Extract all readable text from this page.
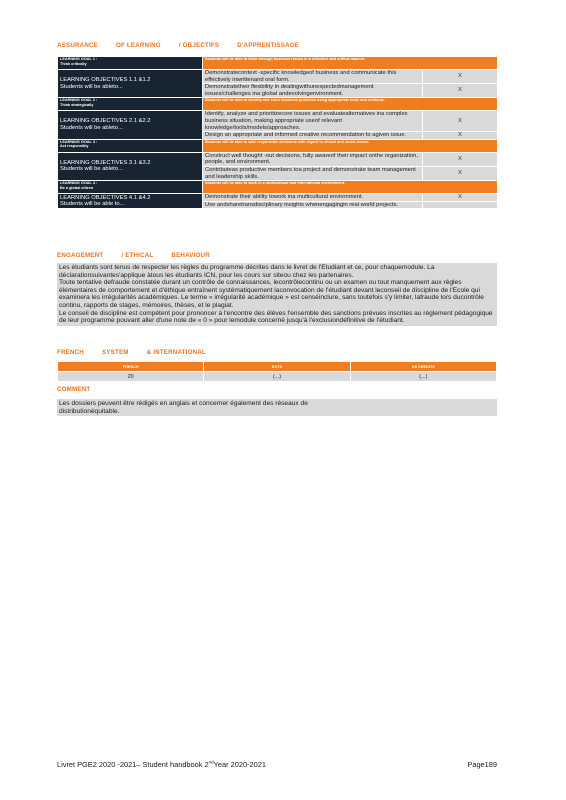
ASSURANCE	OF LEARNING	/ OBJECTIFS	D'APPRENTISSAGE
LEARNING GOAL 1 :
Think critically	Students will be able to think through business issues in a reflective and critical manner.	
LEARNING OBJECTIVES 1.1 &1.2
Students will be ableto...	Demonstratecontext -specific knowledgeof business and communicate this effectively inwrittenand oral form.	X
	Demonstratetheir flexibility in dealingwithunexpectedmanagement issues/challenges ina global andevolvingenvironment.	X
LEARNING GOAL 2 :
Think strategically	Students will be able to identify and solve business problems using appropriate tools and methods.	
LEARNING OBJECTIVES 2.1 &2.2
Students will be ableto...	Identify, analyze and prioritizecore issues and evaluatealternatives ina complex business situation, making appropriate useof relevant knowledge/tools/models/approaches.	X
	Design an appropriate and informed creative recommendation to agiven issue.	X
LEARNING GOAL 3 :
Act responsibly	Students will be able to take responsible decisions with regard to ethical and social issues.	
LEARNING OBJECTIVES 3.1 &3.2
Students will be ableto...	Construct well thought -out decisions, fully awareof their impact onthe organization, people, and environment.	X
	Contributeas productive members toa project and demonstrate team management and leadership skills.	X
LEARNING GOAL 4 :
Be a global citizen	Students will be able to work in a multicultural and international environment.	
LEARNING OBJECTIVES 4.1 &4.2
Students will be able to...	Demonstrate their ability towork ina multicultural environment.	X
	Use andsharetransdisciplinary insights whenengagingin real world projects.	
ENGAGEMENT	/ ETHICAL	BEHAVIOUR

Les étudiants sont tenus de respecter les règles du programme décrites dans le livret de l'Etudiant et ce, pour chaquemodule. La déclarationsuivantes'applique àtous les étudiants ICN, pour les cours sur siteou chez les partenaires.

Toute tentative defraude constatée durant un contrôle de connaissances, lecontrôlecontinu ou un examen ou tout manquement aux règles élémentaires de comportement et d'éthique entraînent systématiquement laconvocation de l'étudiant devant leconseil de discipline de l'Ecole qui examinera les irrégularités académiques. Le terme « irrégularité académique » est censéinclure, sans toutefois s'y limiter, lafraude lors ducontrôle continu, rapports de stages, mémoires, thèses, et le plagiat.

Le conseil de discipline est compétent pour prononcer à l'encontre des élèves l'ensemble des sanctions prévues inscrites au règlement pédagogique de leur programme pouvant aller d'une note de « 0 » pour lemodule concerné jusqu'à l'exclusiondéfinitive de l'étudiant.

FRENCH	SYSTEM	& INTERNATIONAL
FRENCH	ECTS	US CREDITS
20	(...)	(...)
COMMENT
Les dossiers peuvent être rédigés en anglais et concerner également des réseaux de distributionéquitable.
Livret PGE2 2020 -2021– Student handbook 2ndYear 2020-2021	Page189
